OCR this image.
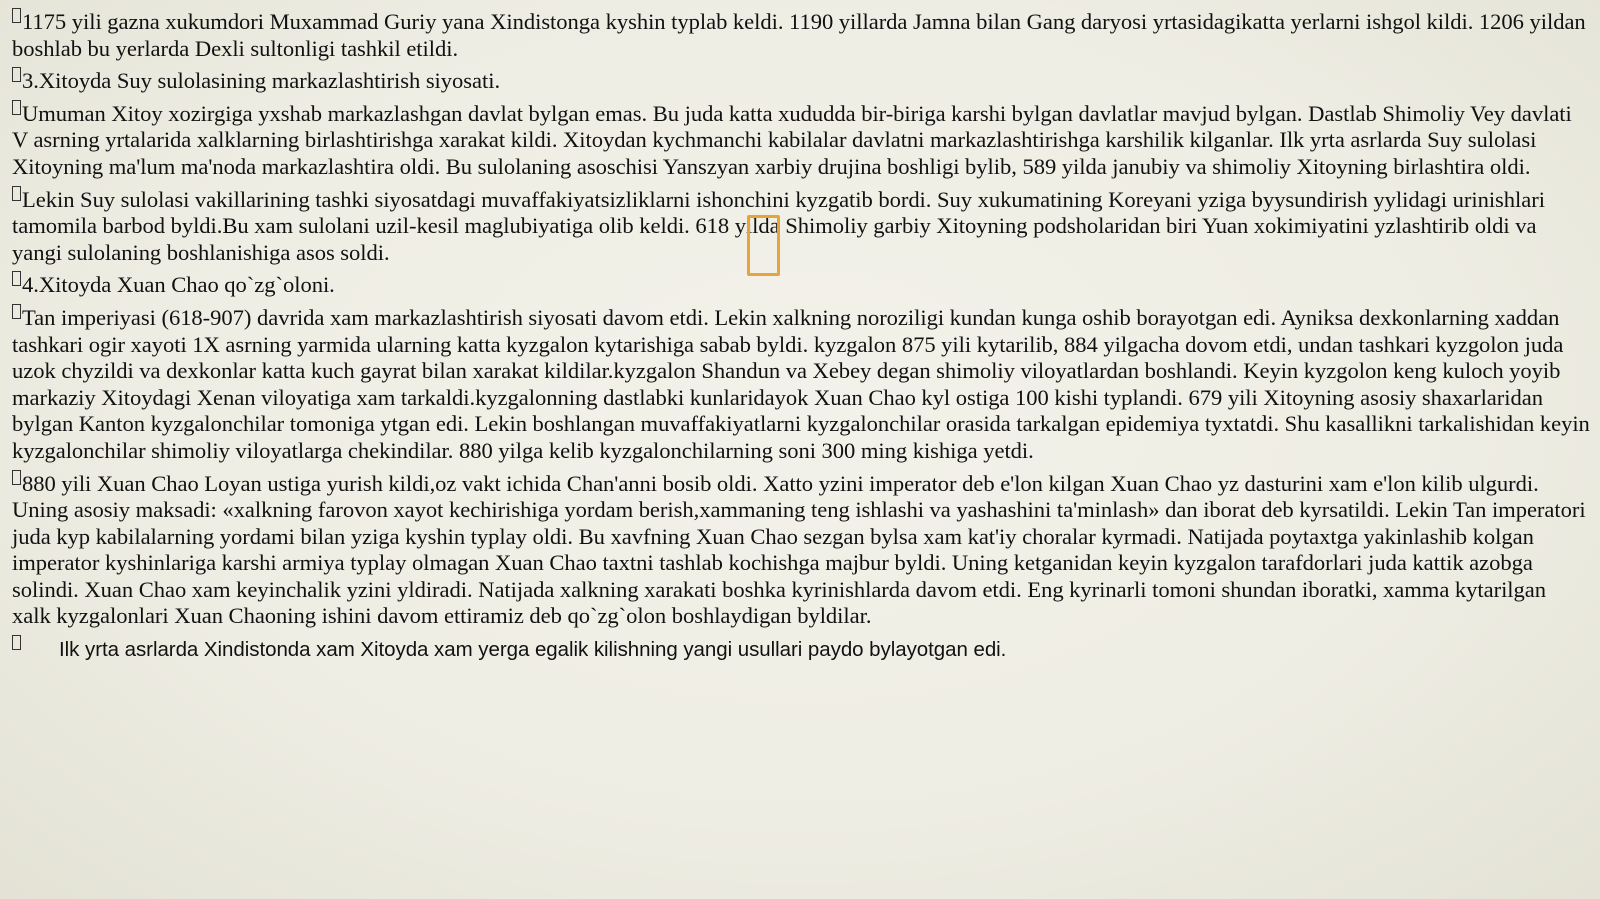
1175 yili gazna xukumdori Muxammad Guriy yana Xindistonga kyshin typlab keldi. 1190 yillarda Jamna bilan Gang daryosi yrtasidagikatta yerlarni ishgol kildi. 1206 yildan boshlab bu yerlarda Dexli sultonligi tashkil etildi.

3.Xitoyda Suy sulolasining markazlashtirish siyosati.

Umuman Xitoy xozirgiga yxshab markazlashgan davlat bylgan emas. Bu juda katta xududda bir-biriga karshi bylgan davlatlar mavjud bylgan. Dastlab Shimoliy Vey davlati V asrning yrtalarida xalklarning birlashtirishga xarakat kildi. Xitoydan kychmanchi kabilalar davlatni markazlashtirishga karshilik kilganlar. Ilk yrta asrlarda Suy sulolasi Xitoyning ma'lum ma'noda markazlashtira oldi. Bu sulolaning asoschisi Yanszyan xarbiy drujina boshligi bylib, 589 yilda janubiy va shimoliy Xitoyning birlashtira oldi.

Lekin Suy sulolasi vakillarining tashki siyosatdagi muvaffakiyatsizliklarni ishonchini kyzgatib bordi. Suy xukumatining Koreyani yziga byysundirish yylidagi urinishlari tamomila barbod byldi.Bu xam sulolani uzil-kesil maglubiyatiga olib keldi. 618 yilda Shimoliy garbiy Xitoyning podsholaridan biri Yuan xokimiyatini yzlashtirib oldi va yangi sulolaning boshlanishiga asos soldi.

4.Xitoyda Xuan Chao qo`zg`oloni.

Tan imperiyasi (618-907) davrida xam markazlashtirish siyosati davom etdi. Lekin xalkning noroziligi kundan kunga oshib borayotgan edi. Ayniksa dexkonlarning xaddan tashkari ogir xayoti 1X asrning yarmida ularning katta kyzgalon kytarishiga sabab byldi. kyzgalon 875 yili kytarilib, 884 yilgacha dovom etdi, undan tashkari kyzgolon juda uzok chyzildi va dexkonlar katta kuch gayrat bilan xarakat kildilar.kyzgalon Shandun va Xebey degan shimoliy viloyatlardan boshlandi. Keyin kyzgolon keng kuloch yoyib markaziy Xitoydagi Xenan viloyatiga xam tarkaldi.kyzgalonning dastlabki kunlaridayok Xuan Chao kyl ostiga 100 kishi typlandi. 679 yili Xitoyning asosiy shaxarlaridan bylgan Kanton kyzgalonchilar tomoniga ytgan edi. Lekin boshlangan muvaffakiyatlarni kyzgalonchilar orasida tarkalgan epidemiya tyxtatdi. Shu kasallikni tarkalishidan keyin kyzgalonchilar shimoliy viloyatlarga chekindilar. 880 yilga kelib kyzgalonchilarning soni 300 ming kishiga yetdi.

880 yili Xuan Chao Loyan ustiga yurish kildi,oz vakt ichida Chan'anni bosib oldi. Xatto yzini imperator deb e'lon kilgan Xuan Chao yz dasturini xam e'lon kilib ulgurdi. Uning asosiy maksadi: «xalkning farovon xayot kechirishiga yordam berish,xammaning teng ishlashi va yashashini ta'minlash» dan iborat deb kyrsatildi. Lekin Tan imperatori juda kyp kabilalarning yordami bilan yziga kyshin typlay oldi. Bu xavfning Xuan Chao sezgan bylsa xam kat'iy choralar kyrmadi. Natijada poytaxtga yakinlashib kolgan imperator kyshinlariga karshi armiya typlay olmagan Xuan Chao taxtni tashlab kochishga majbur byldi. Uning ketganidan keyin kyzgalon tarafdorlari juda kattik azobga solindi. Xuan Chao xam keyinchalik yzini yldiradi. Natijada xalkning xarakati boshka kyrinishlarda davom etdi. Eng kyrinarli tomoni shundan iboratki, xamma kytarilgan xalk kyzgalonlari Xuan Chaoning ishini davom ettiramiz deb qo`zg`olon boshlaydigan byldilar.

Ilk yrta asrlarda Xindistonda xam Xitoyda xam yerga egalik kilishning yangi usullari paydo bylayotgan edi.
